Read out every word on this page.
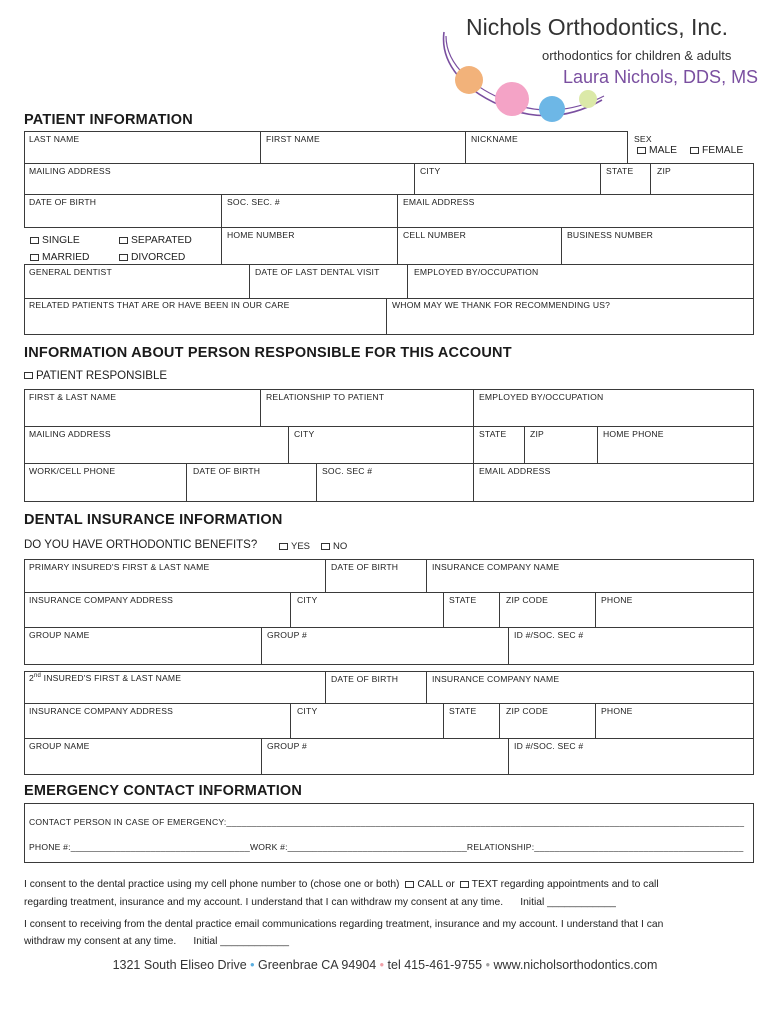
Nichols Orthodontics, Inc.
orthodontics for children & adults
Laura Nichols, DDS, MS
PATIENT INFORMATION
LAST NAME	FIRST NAME	NICKNAME	SEX
MALE	FEMALE
MAILING ADDRESS	CITY	STATE	ZIP
DATE OF BIRTH	SOC. SEC. #	EMAIL ADDRESS
SINGLE	SEPARATED
MARRIED	DIVORCED
HOME NUMBER	CELL NUMBER	BUSINESS NUMBER
GENERAL DENTIST	DATE OF LAST DENTAL VISIT	EMPLOYED BY/OCCUPATION
RELATED PATIENTS THAT ARE OR HAVE BEEN IN OUR CARE	WHOM MAY WE THANK FOR RECOMMENDING US?
INFORMATION ABOUT PERSON RESPONSIBLE FOR THIS ACCOUNT
PATIENT RESPONSIBLE
FIRST & LAST NAME	RELATIONSHIP TO PATIENT	EMPLOYED BY/OCCUPATION
MAILING ADDRESS	CITY	STATE	ZIP	HOME PHONE
WORK/CELL PHONE	DATE OF BIRTH	SOC. SEC #	EMAIL ADDRESS
DENTAL INSURANCE INFORMATION
DO YOU HAVE ORTHODONTIC BENEFITS?	YES	NO
PRIMARY INSURED'S FIRST & LAST NAME	DATE OF BIRTH	INSURANCE COMPANY NAME
INSURANCE COMPANY ADDRESS	CITY	STATE	ZIP CODE	PHONE
GROUP NAME	GROUP #	ID #/SOC. SEC #
2nd INSURED'S FIRST & LAST NAME	DATE OF BIRTH	INSURANCE COMPANY NAME
INSURANCE COMPANY ADDRESS	CITY	STATE	ZIP CODE	PHONE
GROUP NAME	GROUP #	ID #/SOC. SEC #
EMERGENCY CONTACT INFORMATION
CONTACT PERSON IN CASE OF EMERGENCY:________________________________________________________________________________________________________
PHONE #:____________________________________WORK #:____________________________________RELATIONSHIP:__________________________________________
I consent to the dental practice using my cell phone number to (chose one or both) CALL or TEXT regarding appointments and to call
regarding treatment, insurance and my account. I understand that I can withdraw my consent at any time.      Initial ____________
I consent to receiving from the dental practice email communications regarding treatment, insurance and my account. I understand that I can
withdraw my consent at any time.      Initial ____________
1321 South Eliseo Drive • Greenbrae CA 94904 • tel 415-461-9755 • www.nicholsorthodontics.com
